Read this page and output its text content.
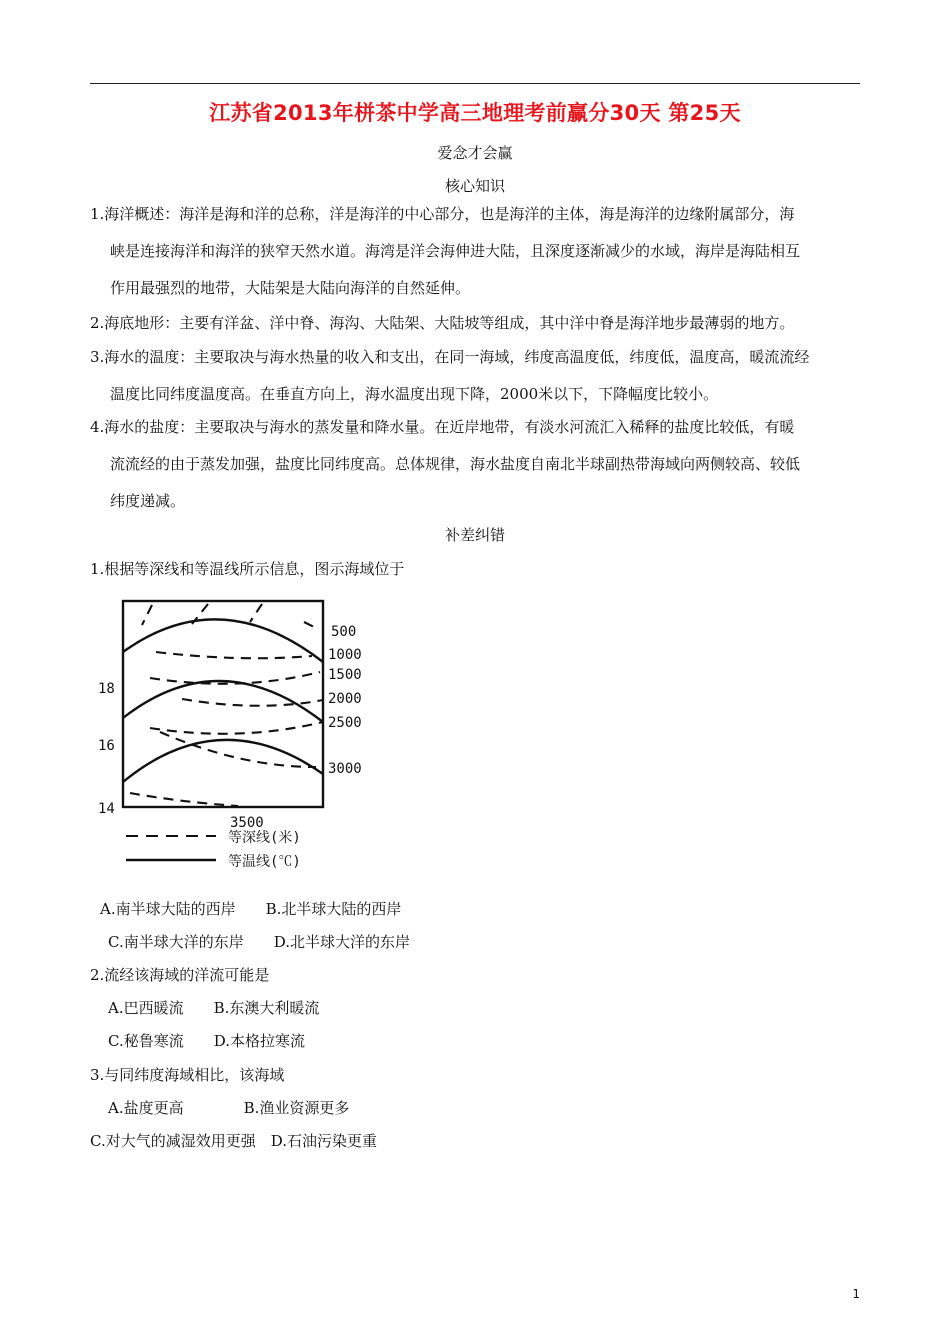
江苏省2013年栟茶中学高三地理考前赢分30天 第25天
爱念才会赢
核心知识
1.海洋概述：海洋是海和洋的总称，洋是海洋的中心部分，也是海洋的主体，海是海洋的边缘附属部分，海
峡是连接海洋和海洋的狭窄天然水道。海湾是洋会海伸进大陆，且深度逐渐减少的水域，海岸是海陆相互
作用最强烈的地带，大陆架是大陆向海洋的自然延伸。
2.海底地形：主要有洋盆、洋中脊、海沟、大陆架、大陆坡等组成，其中洋中脊是海洋地步最薄弱的地方。
3.海水的温度：主要取决与海水热量的收入和支出，在同一海域，纬度高温度低，纬度低，温度高，暖流流经
温度比同纬度温度高。在垂直方向上，海水温度出现下降，2000米以下，下降幅度比较小。
4.海水的盐度：主要取决与海水的蒸发量和降水量。在近岸地带，有淡水河流汇入稀释的盐度比较低，有暖
流流经的由于蒸发加强，盐度比同纬度高。总体规律，海水盐度自南北半球副热带海域向两侧较高、较低
纬度递减。
补差纠错
1.根据等深线和等温线所示信息，图示海域位于
500
1000
1500
2000
2500
3000
3500
18
16
14
等深线(米)
等温线(℃)
A.南半球大陆的西岸　　B.北半球大陆的西岸
C.南半球大洋的东岸　　D.北半球大洋的东岸
2.流经该海域的洋流可能是
A.巴西暖流　　B.东澳大利暖流
C.秘鲁寒流　　D.本格拉寒流
3.与同纬度海域相比，该海域
A.盐度更高　　　　B.渔业资源更多
C.对大气的减湿效用更强　D.石油污染更重
1
